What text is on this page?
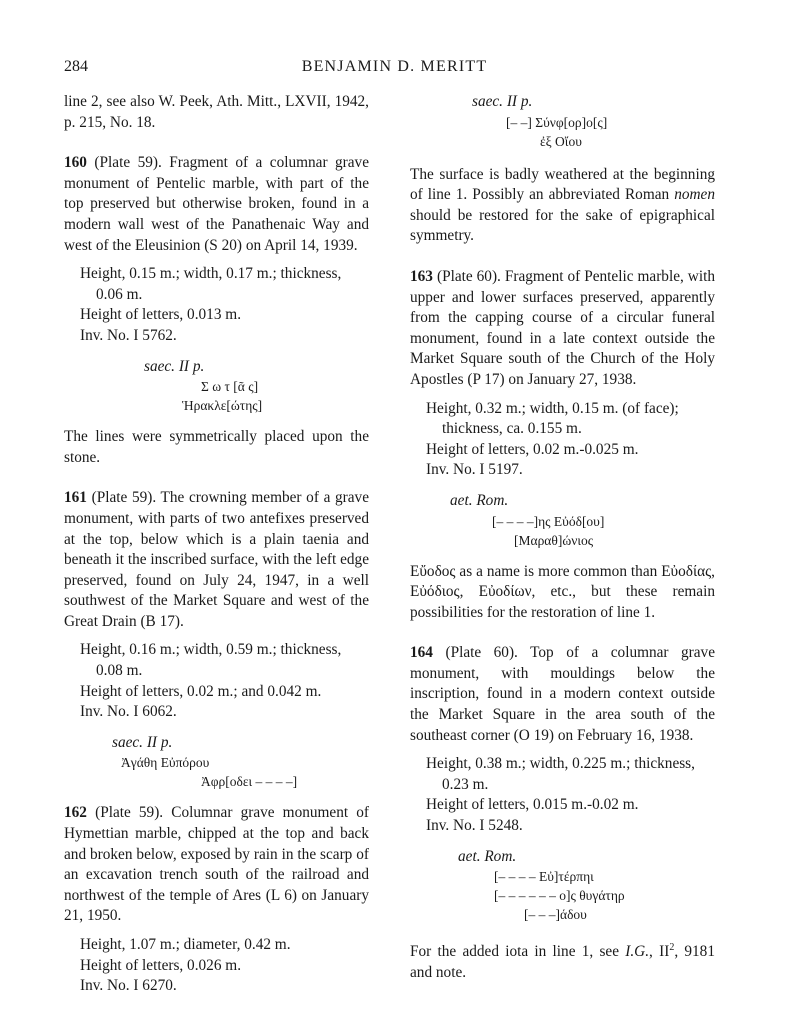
284	BENJAMIN D. MERITT

line 2, see also W. Peek, Ath. Mitt., LXVII, 1942, p. 215, No. 18.

160 (Plate 59). Fragment of a columnar grave monument of Pentelic marble, with part of the top preserved but otherwise broken, found in a modern wall west of the Panathenaic Way and west of the Eleusinion (S 20) on April 14, 1939.

Height, 0.15 m.; width, 0.17 m.; thickness,
0.06 m.
Height of letters, 0.013 m.
Inv. No. I 5762.

saec. II p.

Σ ω τ [ᾶ ς]

Ἡρακλε[ώτης]

The lines were symmetrically placed upon the stone.

161 (Plate 59). The crowning member of a grave monument, with parts of two antefixes preserved at the top, below which is a plain taenia and beneath it the inscribed surface, with the left edge preserved, found on July 24, 1947, in a well southwest of the Market Square and west of the Great Drain (B 17).

Height, 0.16 m.; width, 0.59 m.; thickness,
0.08 m.
Height of letters, 0.02 m.; and 0.042 m.
Inv. No. I 6062.

saec. II p.

Ἀγάθη Εὐπόρου

Ἀφρ[οδει – – – –]

162 (Plate 59). Columnar grave monument of Hymettian marble, chipped at the top and back and broken below, exposed by rain in the scarp of an excavation trench south of the railroad and northwest of the temple of Ares (L 6) on January 21, 1950.

Height, 1.07 m.; diameter, 0.42 m.
Height of letters, 0.026 m.
Inv. No. I 6270.

saec. II p.

[– –] Σύνφ[ορ]ο[ς]

ἐξ Οἴου

The surface is badly weathered at the beginning of line 1. Possibly an abbreviated Roman nomen should be restored for the sake of epigraphical symmetry.

163 (Plate 60). Fragment of Pentelic marble, with upper and lower surfaces preserved, apparently from the capping course of a circular funeral monument, found in a late context outside the Market Square south of the Church of the Holy Apostles (P 17) on January 27, 1938.

Height, 0.32 m.; width, 0.15 m. (of face);
thickness, ca. 0.155 m.
Height of letters, 0.02 m.-0.025 m.
Inv. No. I 5197.

aet. Rom.

[– – – –]ης Εὐόδ[ου]

[Μαραθ]ώνιος

Εὔοδος as a name is more common than Εὐοδίας, Εὐόδιος, Εὐοδίων, etc., but these remain possibilities for the restoration of line 1.

164 (Plate 60). Top of a columnar grave monument, with mouldings below the inscription, found in a modern context outside the Market Square in the area south of the southeast corner (O 19) on February 16, 1938.

Height, 0.38 m.; width, 0.225 m.; thickness,
0.23 m.
Height of letters, 0.015 m.-0.02 m.
Inv. No. I 5248.

aet. Rom.

[– – – – Εὐ]τέρπηι

[– – – – – – ο]ς θυγάτηρ

[– – –]άδου

For the added iota in line 1, see I.G., $II^2$, 9181 and note.
